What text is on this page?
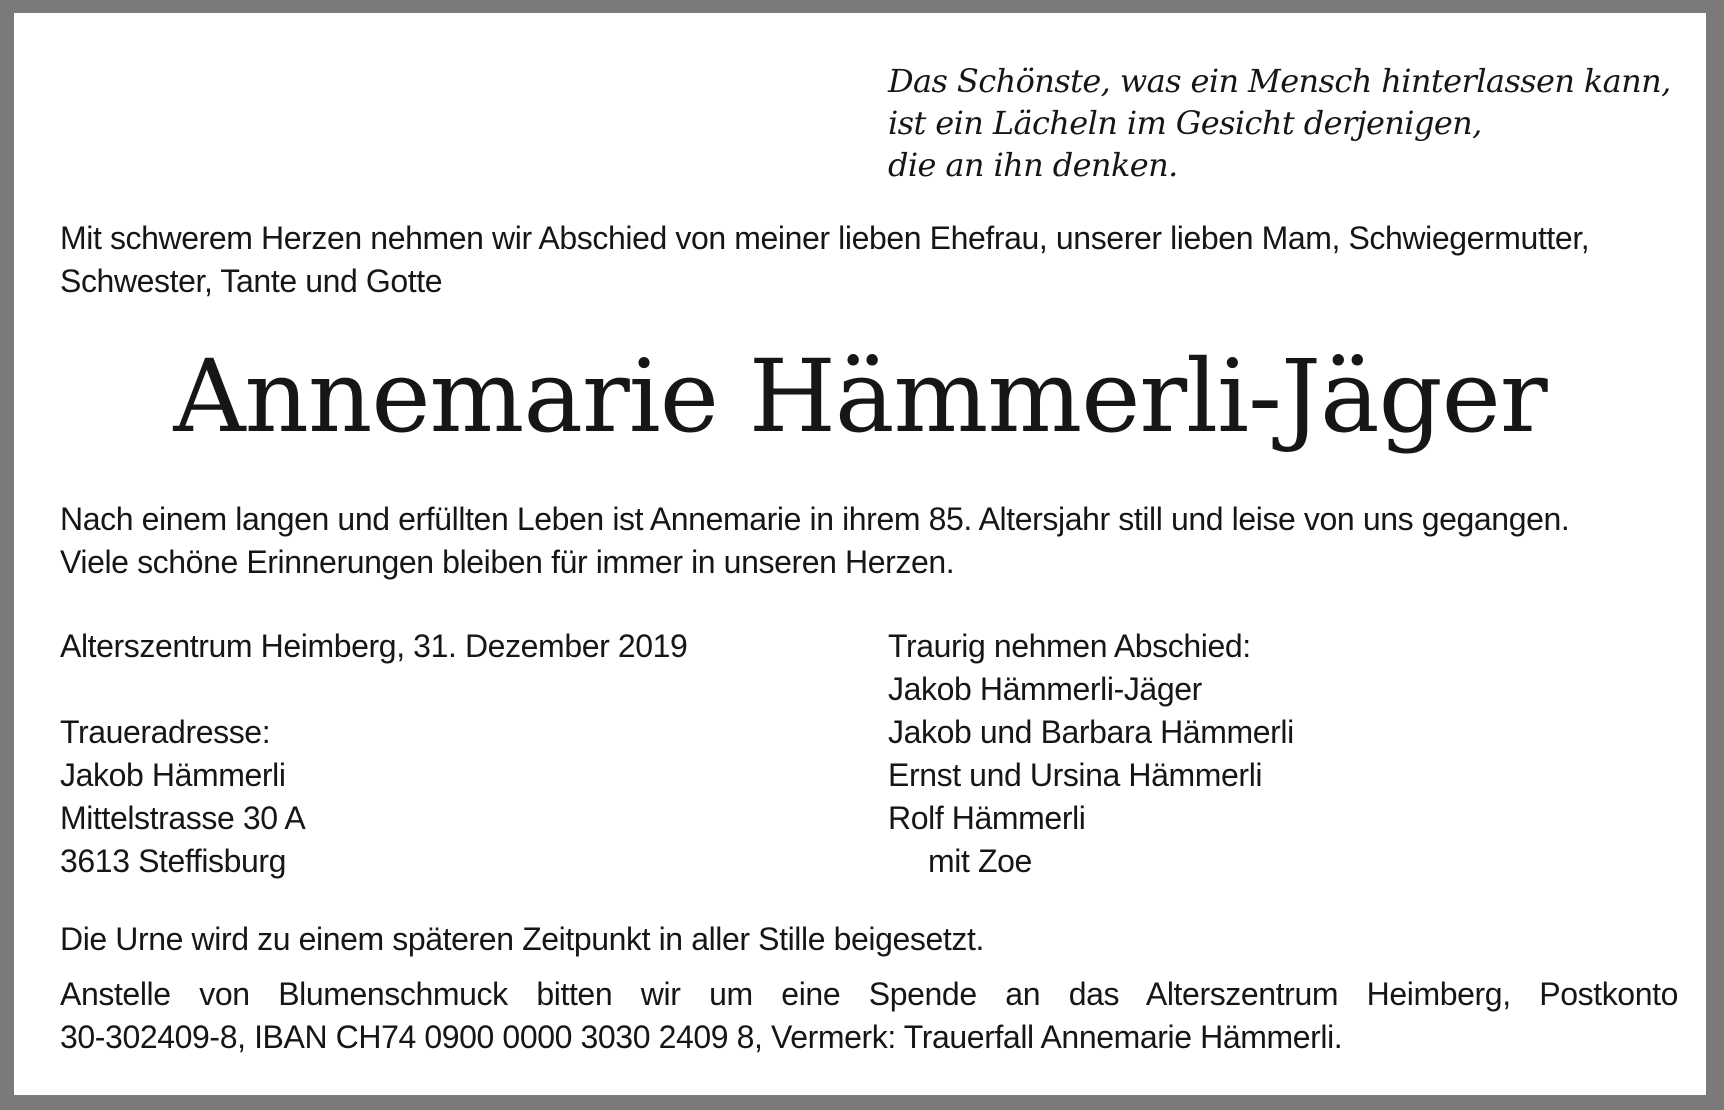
Das Schönste, was ein Mensch hinterlassen kann,
ist ein Lächeln im Gesicht derjenigen,
die an ihn denken.
Mit schwerem Herzen nehmen wir Abschied von meiner lieben Ehefrau, unserer lieben Mam, Schwiegermutter,
Schwester, Tante und Gotte
Annemarie Hämmerli-Jäger
Nach einem langen und erfüllten Leben ist Annemarie in ihrem 85. Altersjahr still und leise von uns gegangen.
Viele schöne Erinnerungen bleiben für immer in unseren Herzen.
Alterszentrum Heimberg, 31. Dezember 2019
Traueradresse:
Jakob Hämmerli
Mittelstrasse 30 A
3613 Steffisburg
Traurig nehmen Abschied:
Jakob Hämmerli-Jäger
Jakob und Barbara Hämmerli
Ernst und Ursina Hämmerli
Rolf Hämmerli
mit Zoe
Die Urne wird zu einem späteren Zeitpunkt in aller Stille beigesetzt.
Anstelle von Blumenschmuck bitten wir um eine Spende an das Alterszentrum Heimberg, Postkonto
30-302409-8, IBAN CH74 0900 0000 3030 2409 8, Vermerk: Trauerfall Annemarie Hämmerli.
